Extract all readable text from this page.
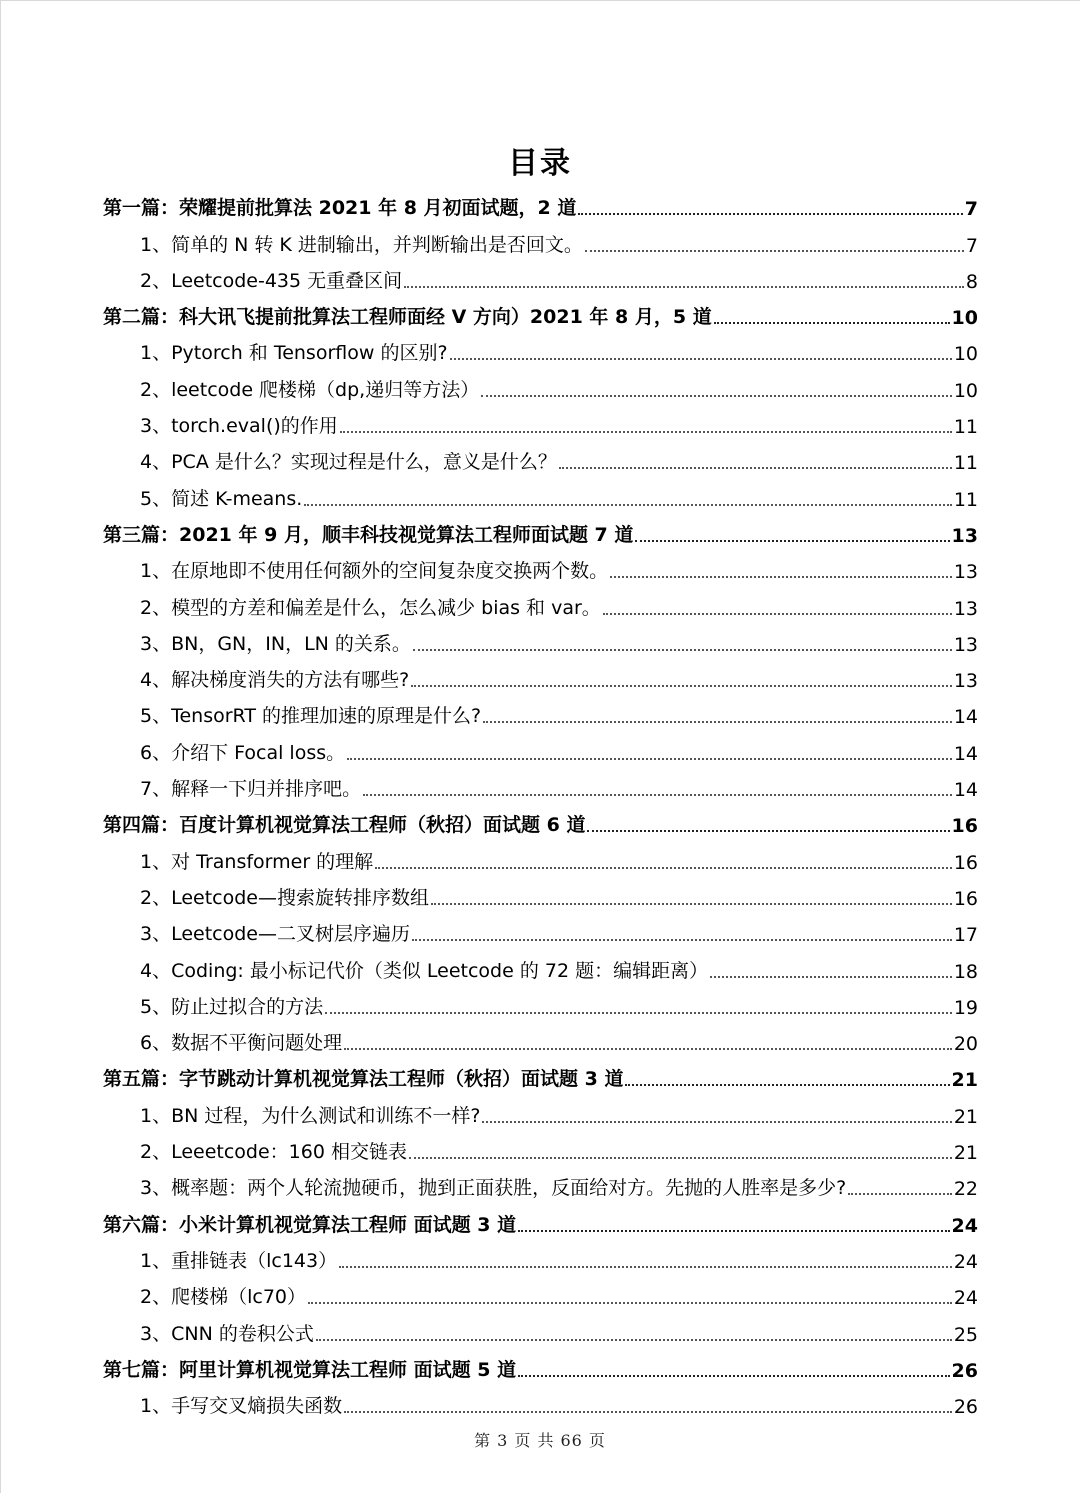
目录
第一篇：荣耀提前批算法 2021 年 8 月初面试题，2 道	7
1、简单的 N 转 K 进制输出，并判断输出是否回文。	7
2、Leetcode-435 无重叠区间	8
第二篇：科大讯飞提前批算法工程师面经 V 方向）2021 年 8 月，5 道	10
1、Pytorch 和 Tensorflow 的区别?	10
2、leetcode 爬楼梯（dp,递归等方法）	10
3、torch.eval()的作用	11
4、PCA 是什么？实现过程是什么，意义是什么？	11
5、简述 K-means.	11
第三篇：2021 年 9 月，顺丰科技视觉算法工程师面试题 7 道	13
1、在原地即不使用任何额外的空间复杂度交换两个数。	13
2、模型的方差和偏差是什么，怎么减少 bias 和 var。	13
3、BN，GN，IN，LN 的关系。	13
4、解决梯度消失的方法有哪些?	13
5、TensorRT 的推理加速的原理是什么?	14
6、介绍下 Focal loss。	14
7、解释一下归并排序吧。	14
第四篇：百度计算机视觉算法工程师（秋招）面试题 6 道	16
1、对 Transformer 的理解	16
2、Leetcode—搜索旋转排序数组	16
3、Leetcode—二叉树层序遍历	17
4、Coding: 最小标记代价（类似 Leetcode 的 72 题：编辑距离）	18
5、防止过拟合的方法	19
6、数据不平衡问题处理	20
第五篇：字节跳动计算机视觉算法工程师（秋招）面试题 3 道	21
1、BN 过程，为什么测试和训练不一样?	21
2、Leeetcode：160 相交链表	21
3、概率题：两个人轮流抛硬币，抛到正面获胜，反面给对方。先抛的人胜率是多少?	22
第六篇：小米计算机视觉算法工程师 面试题 3 道	24
1、重排链表（lc143）	24
2、爬楼梯（lc70）	24
3、CNN 的卷积公式	25
第七篇：阿里计算机视觉算法工程师 面试题 5 道	26
1、手写交叉熵损失函数	26
第 3 页 共 66 页
